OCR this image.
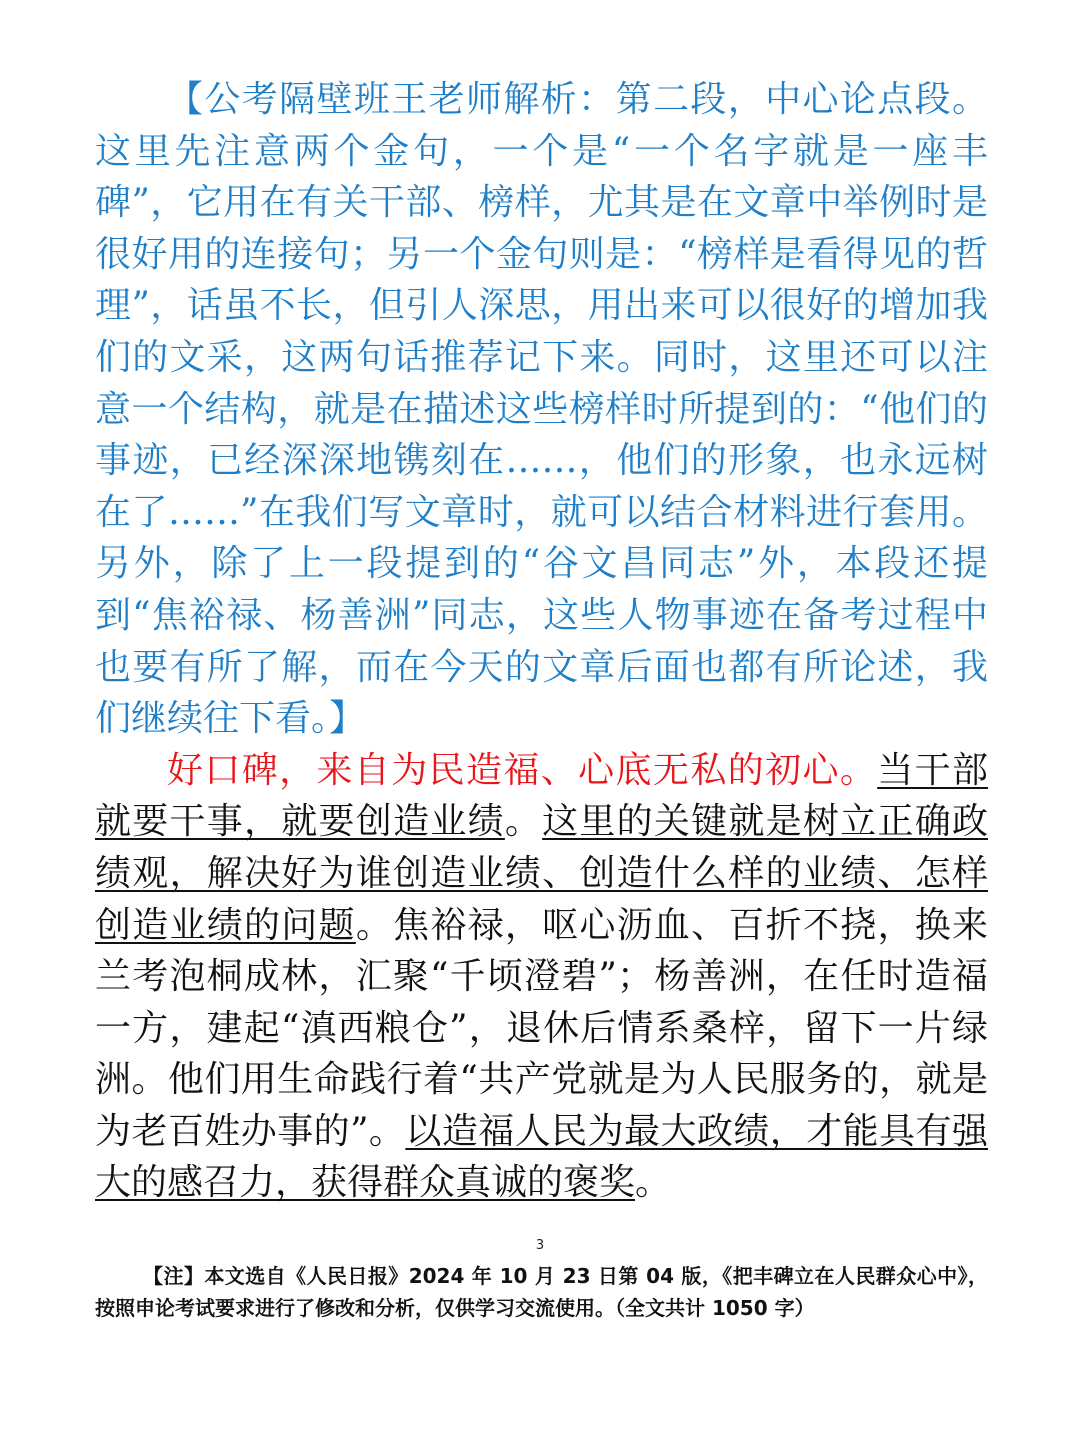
【公考隔壁班王老师解析：第二段，中心论点段。这里先注意两个金句，一个是“一个名字就是一座丰碑”，它用在有关干部、榜样，尤其是在文章中举例时是很好用的连接句；另一个金句则是：“榜样是看得见的哲理”，话虽不长，但引人深思，用出来可以很好的增加我们的文采，这两句话推荐记下来。同时，这里还可以注意一个结构，就是在描述这些榜样时所提到的：“他们的事迹，已经深深地镌刻在……，他们的形象，也永远树在了……”在我们写文章时，就可以结合材料进行套用。另外，除了上一段提到的“谷文昌同志”外，本段还提到“焦裕禄、杨善洲”同志，这些人物事迹在备考过程中也要有所了解，而在今天的文章后面也都有所论述，我们继续往下看。】

好口碑，来自为民造福、心底无私的初心。当干部就要干事，就要创造业绩。这里的关键就是树立正确政绩观，解决好为谁创造业绩、创造什么样的业绩、怎样创造业绩的问题。焦裕禄，呕心沥血、百折不挠，换来兰考泡桐成林，汇聚“千顷澄碧”；杨善洲，在任时造福一方，建起“滇西粮仓”，退休后情系桑梓，留下一片绿洲。他们用生命践行着“共产党就是为人民服务的，就是为老百姓办事的”。以造福人民为最大政绩，才能具有强大的感召力，获得群众真诚的褒奖。

3
【注】本文选自《人民日报》2024 年 10 月 23 日第 04 版，《把丰碑立在人民群众心中》，按照申论考试要求进行了修改和分析，仅供学习交流使用。（全文共计 1050 字）
